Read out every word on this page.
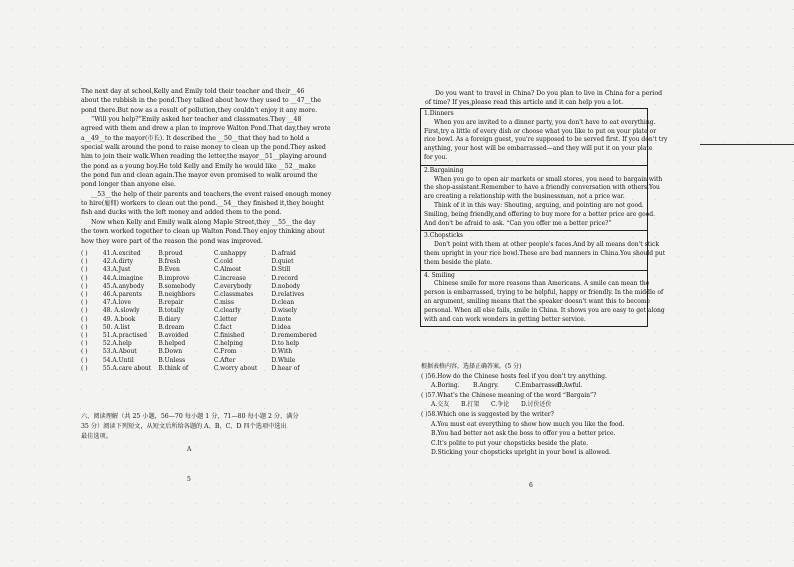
The next day at school,Kelly and Emily told their teacher and their__46
about the rubbish in the pond.They talked about how they used to __47__the
pond there.But now as a result of pollution,they couldn't enjoy it any more.
“Will you help?”Emily asked her teacher and classmates.They __48
agreed with them and drew a plan to improve Walton Pond.That day,they wrote
a__49__to the mayor(市长). It described the __50__that they had to hold a
special walk around the pond to raise money to clean up the pond.They asked
him to join their walk.When reading the letter,the mayor__51__playing around
the pond as a young boy.He told Kelly and Emily he would like __52__make
the pond fun and clean again.The mayor even promised to walk around the
pond longer than anyone else.
__53__the help of their parents and teachers,the event raised enough money
to hire(雇佣) workers to clean out the pond.__54__they finished it,they bought
fish and ducks with the left money and added them to the pond.
Now when Kelly and Emily walk along Maple Street,they __55__the day
the town worked together to clean up Walton Pond.They enjoy thinking about
how they were part of the reason the pond was improved.
( )	41.A.excited	B.proud	C.unhappy	D.afraid
( )	42.A.dirty	B.fresh	C.cold	D.quiet
( )	43.A.Just	B.Even	C.Almost	D.Still
( )	44.A.imagine	B.improve	C.increase	D.record
( )	45.A.anybody	B.somebody	C.everybody	D.nobody
( )	46.A.parents	B.neighbors	C.classmates	D.relatives
( )	47.A.love	B.repair	C.miss	D.clean
( )	48. A.slowly	B.totally	C.clearly	D.wisely
( )	49. A.book	B.diary	C.letter	D.note
( )	50. A.list	B.dream	C.fact	D.idea
( )	51.A.practised	B.avoided	C.finished	D.remembered
( )	52.A.help	B.helped	C.helping	D.to help
( )	53.A.About	B.Down	C.From	D.With
( )	54.A.Until	B.Unless	C.After	D.While
( )	55.A.care about	B.think of	C.worry about	D.hear of
六、阅读理解（共 25 小题，56—70 每小题 1 分，71—80 每小题 2 分，满分
35 分）阅读下列短文，从短文后所给各题的 A、B、C、D 四个选项中选出
最佳选项。
A
5
Do you want to travel in China? Do you plan to live in China for a period
of time? If yes,please read this article and it can help you a lot.
1.Dinners
When you are invited to a dinner party, you don't have to eat everything.
First,try a little of every dish or choose what you like to put on your plate or
rice bowl. As a foreign guest, you're supposed to be served first. If you don't try
anything, your host will be embarrassed—and they will put it on your plate
for you.
2.Bargaining
When you go to open air markets or small stores, you need to bargain with
the shop-assistant.Remember to have a friendly conversation with others.You
are creating a relationship with the businessman, not a price war.
Think of it in this way: Shouting, arguing, and pointing are not good.
Smiling, being friendly,and offering to buy more for a better price are good.
And don't be afraid to ask. “Can you offer me a better price?”
3.Chopsticks
Don't point with them at other people's faces.And by all means don't stick
them upright in your rice bowl.These are bad manners in China.You should put
them beside the plate.
4. Smiling
Chinese smile for more reasons than Americans. A smile can mean the
person is embarrassed, trying to be helpful, happy or friendly. In the middle of
an argument, smiling means that the speaker doesn't want this to become
personal. When all else fails, smile in China. It shows you are easy to get along
with and can work wonders in getting better service.
根据表格内容，选择正确答案。(5 分)
( )56.How do the Chinese hosts feel if you don't try anything.
A.Boring.	B.Angry.	C.Embarrassed.
D.Awful.
( )57.What's the Chinese meaning of the word “Bargain”?
A.交友	B.打架	C.争论	D.讨价还价
( )58.Which one is suggested by the writer?
A.You must eat everything to show how much you like the food.
B.You had better not ask the boss to offer you a better price.
C.It's polite to put your chopsticks beside the plate.
D.Sticking your chopsticks upright in your bowl is allowed.
6
